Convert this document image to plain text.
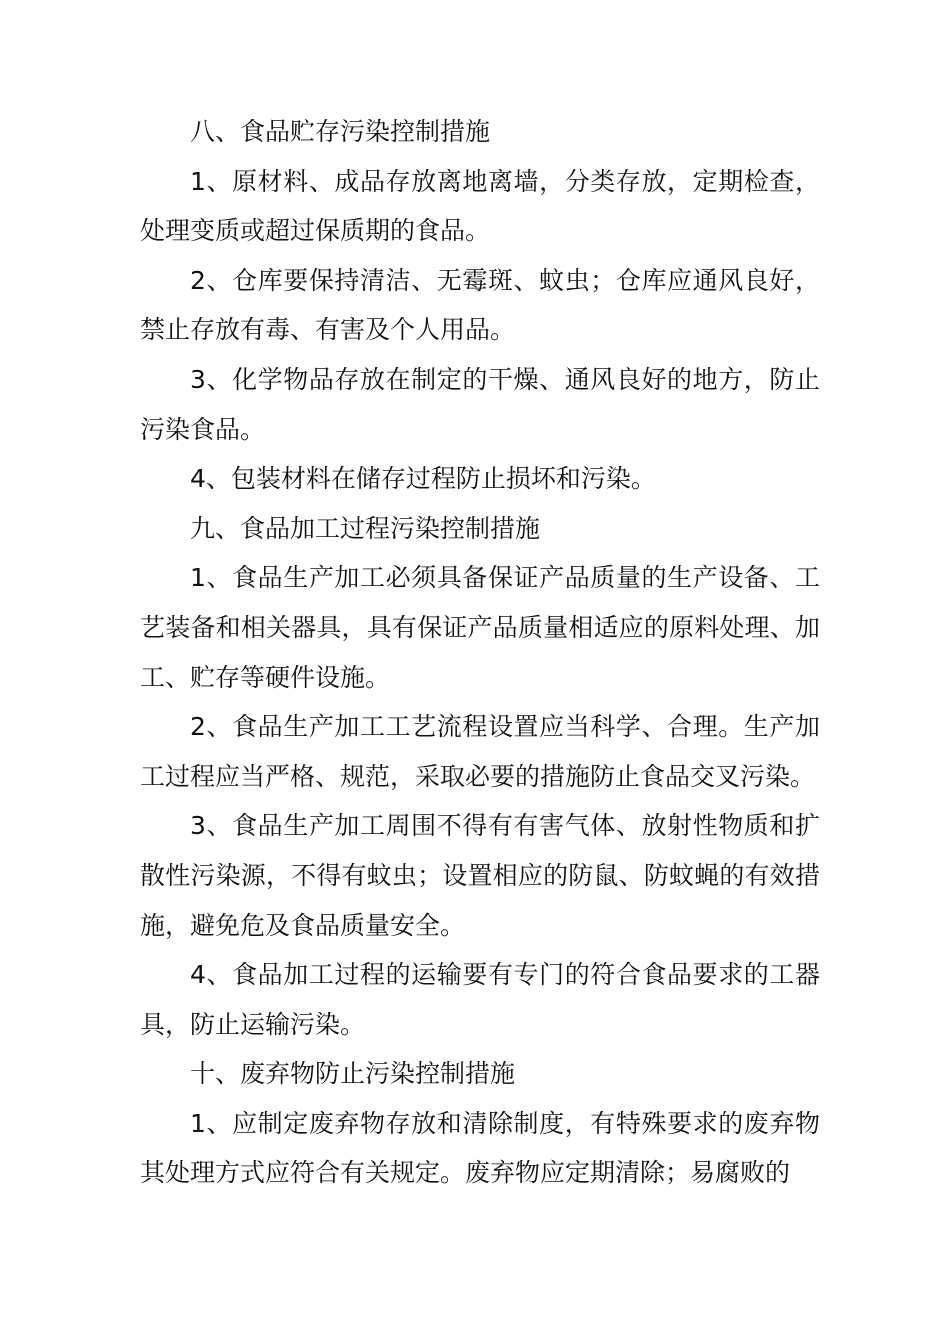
八、食品贮存污染控制措施

1、原材料、成品存放离地离墙，分类存放，定期检查，处理变质或超过保质期的食品。

2、仓库要保持清洁、无霉斑、蚊虫；仓库应通风良好，禁止存放有毒、有害及个人用品。

3、化学物品存放在制定的干燥、通风良好的地方，防止污染食品。

4、包装材料在储存过程防止损坏和污染。

九、食品加工过程污染控制措施

1、食品生产加工必须具备保证产品质量的生产设备、工艺装备和相关器具，具有保证产品质量相适应的原料处理、加工、贮存等硬件设施。

2、食品生产加工工艺流程设置应当科学、合理。生产加工过程应当严格、规范，采取必要的措施防止食品交叉污染。

3、食品生产加工周围不得有有害气体、放射性物质和扩散性污染源，不得有蚊虫；设置相应的防鼠、防蚊蝇的有效措施，避免危及食品质量安全。

4、食品加工过程的运输要有专门的符合食品要求的工器具，防止运输污染。

十、废弃物防止污染控制措施

1、应制定废弃物存放和清除制度，有特殊要求的废弃物其处理方式应符合有关规定。废弃物应定期清除；易腐败的
